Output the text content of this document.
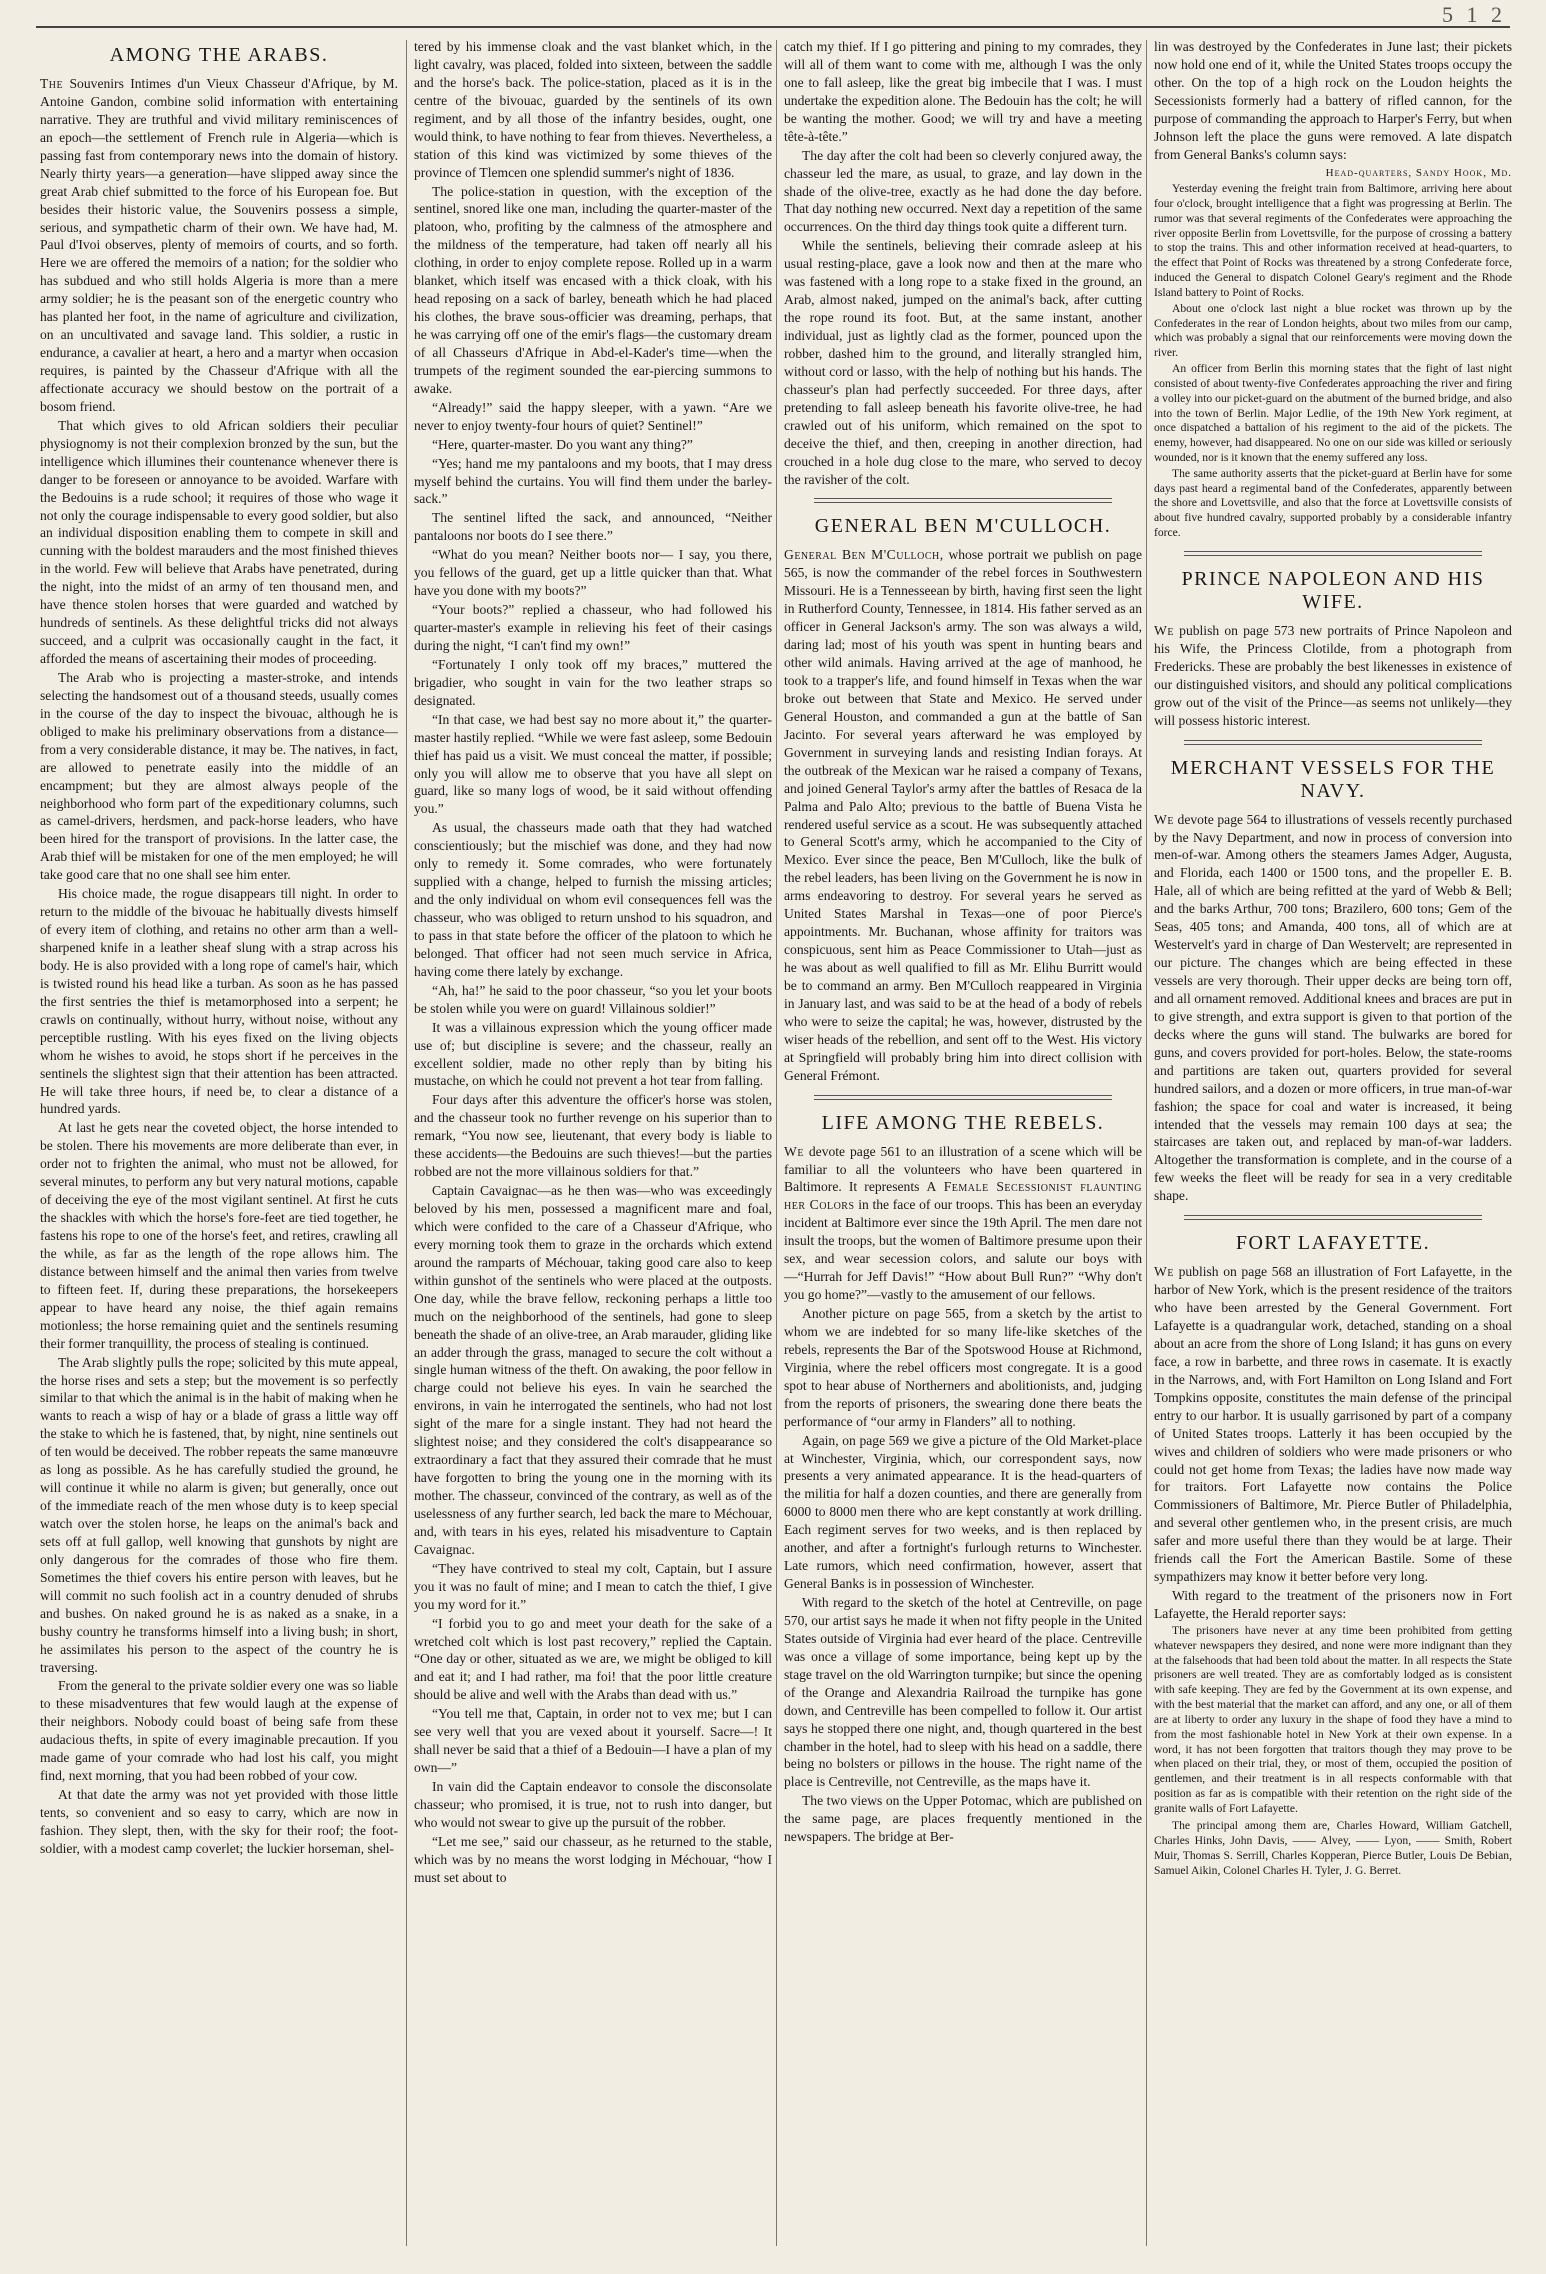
5 1 2
AMONG THE ARABS.

The Souvenirs Intimes d'un Vieux Chasseur d'Afrique, by M. Antoine Gandon, combine solid information with entertaining narrative. They are truthful and vivid military reminiscences of an epoch—the settlement of French rule in Algeria—which is passing fast from contemporary news into the domain of history. Nearly thirty years—a generation—have slipped away since the great Arab chief submitted to the force of his European foe. But besides their historic value, the Souvenirs possess a simple, serious, and sympathetic charm of their own. We have had, M. Paul d'Ivoi observes, plenty of memoirs of courts, and so forth. Here we are offered the memoirs of a nation; for the soldier who has subdued and who still holds Algeria is more than a mere army soldier; he is the peasant son of the energetic country who has planted her foot, in the name of agriculture and civilization, on an uncultivated and savage land. This soldier, a rustic in endurance, a cavalier at heart, a hero and a martyr when occasion requires, is painted by the Chasseur d'Afrique with all the affectionate accuracy we should bestow on the portrait of a bosom friend.

That which gives to old African soldiers their peculiar physiognomy is not their complexion bronzed by the sun, but the intelligence which illumines their countenance whenever there is danger to be foreseen or annoyance to be avoided. Warfare with the Bedouins is a rude school; it requires of those who wage it not only the courage indispensable to every good soldier, but also an individual disposition enabling them to compete in skill and cunning with the boldest marauders and the most finished thieves in the world. Few will believe that Arabs have penetrated, during the night, into the midst of an army of ten thousand men, and have thence stolen horses that were guarded and watched by hundreds of sentinels. As these delightful tricks did not always succeed, and a culprit was occasionally caught in the fact, it afforded the means of ascertaining their modes of proceeding.

The Arab who is projecting a master-stroke, and intends selecting the handsomest out of a thousand steeds, usually comes in the course of the day to inspect the bivouac, although he is obliged to make his preliminary observations from a distance—from a very considerable distance, it may be. The natives, in fact, are allowed to penetrate easily into the middle of an encampment; but they are almost always people of the neighborhood who form part of the expeditionary columns, such as camel-drivers, herdsmen, and pack-horse leaders, who have been hired for the transport of provisions. In the latter case, the Arab thief will be mistaken for one of the men employed; he will take good care that no one shall see him enter.

His choice made, the rogue disappears till night. In order to return to the middle of the bivouac he habitually divests himself of every item of clothing, and retains no other arm than a well-sharpened knife in a leather sheaf slung with a strap across his body. He is also provided with a long rope of camel's hair, which is twisted round his head like a turban. As soon as he has passed the first sentries the thief is metamorphosed into a serpent; he crawls on continually, without hurry, without noise, without any perceptible rustling. With his eyes fixed on the living objects whom he wishes to avoid, he stops short if he perceives in the sentinels the slightest sign that their attention has been attracted. He will take three hours, if need be, to clear a distance of a hundred yards.

At last he gets near the coveted object, the horse intended to be stolen. There his movements are more deliberate than ever, in order not to frighten the animal, who must not be allowed, for several minutes, to perform any but very natural motions, capable of deceiving the eye of the most vigilant sentinel. At first he cuts the shackles with which the horse's fore-feet are tied together, he fastens his rope to one of the horse's feet, and retires, crawling all the while, as far as the length of the rope allows him. The distance between himself and the animal then varies from twelve to fifteen feet. If, during these preparations, the horsekeepers appear to have heard any noise, the thief again remains motionless; the horse remaining quiet and the sentinels resuming their former tranquillity, the process of stealing is continued.

The Arab slightly pulls the rope; solicited by this mute appeal, the horse rises and sets a step; but the movement is so perfectly similar to that which the animal is in the habit of making when he wants to reach a wisp of hay or a blade of grass a little way off the stake to which he is fastened, that, by night, nine sentinels out of ten would be deceived. The robber repeats the same manœuvre as long as possible. As he has carefully studied the ground, he will continue it while no alarm is given; but generally, once out of the immediate reach of the men whose duty is to keep special watch over the stolen horse, he leaps on the animal's back and sets off at full gallop, well knowing that gunshots by night are only dangerous for the comrades of those who fire them. Sometimes the thief covers his entire person with leaves, but he will commit no such foolish act in a country denuded of shrubs and bushes. On naked ground he is as naked as a snake, in a bushy country he transforms himself into a living bush; in short, he assimilates his person to the aspect of the country he is traversing.

From the general to the private soldier every one was so liable to these misadventures that few would laugh at the expense of their neighbors. Nobody could boast of being safe from these audacious thefts, in spite of every imaginable precaution. If you made game of your comrade who had lost his calf, you might find, next morning, that you had been robbed of your cow.

At that date the army was not yet provided with those little tents, so convenient and so easy to carry, which are now in fashion. They slept, then, with the sky for their roof; the foot-soldier, with a modest camp coverlet; the luckier horseman, shel-

tered by his immense cloak and the vast blanket which, in the light cavalry, was placed, folded into sixteen, between the saddle and the horse's back. The police-station, placed as it is in the centre of the bivouac, guarded by the sentinels of its own regiment, and by all those of the infantry besides, ought, one would think, to have nothing to fear from thieves. Nevertheless, a station of this kind was victimized by some thieves of the province of Tlemcen one splendid summer's night of 1836.

The police-station in question, with the exception of the sentinel, snored like one man, including the quarter-master of the platoon, who, profiting by the calmness of the atmosphere and the mildness of the temperature, had taken off nearly all his clothing, in order to enjoy complete repose. Rolled up in a warm blanket, which itself was encased with a thick cloak, with his head reposing on a sack of barley, beneath which he had placed his clothes, the brave sous-officier was dreaming, perhaps, that he was carrying off one of the emir's flags—the customary dream of all Chasseurs d'Afrique in Abd-el-Kader's time—when the trumpets of the regiment sounded the ear-piercing summons to awake.

“Already!” said the happy sleeper, with a yawn. “Are we never to enjoy twenty-four hours of quiet? Sentinel!”

“Here, quarter-master. Do you want any thing?”

“Yes; hand me my pantaloons and my boots, that I may dress myself behind the curtains. You will find them under the barley-sack.”

The sentinel lifted the sack, and announced, “Neither pantaloons nor boots do I see there.”

“What do you mean? Neither boots nor— I say, you there, you fellows of the guard, get up a little quicker than that. What have you done with my boots?”

“Your boots?” replied a chasseur, who had followed his quarter-master's example in relieving his feet of their casings during the night, “I can't find my own!”

“Fortunately I only took off my braces,” muttered the brigadier, who sought in vain for the two leather straps so designated.

“In that case, we had best say no more about it,” the quarter-master hastily replied. “While we were fast asleep, some Bedouin thief has paid us a visit. We must conceal the matter, if possible; only you will allow me to observe that you have all slept on guard, like so many logs of wood, be it said without offending you.”

As usual, the chasseurs made oath that they had watched conscientiously; but the mischief was done, and they had now only to remedy it. Some comrades, who were fortunately supplied with a change, helped to furnish the missing articles; and the only individual on whom evil consequences fell was the chasseur, who was obliged to return unshod to his squadron, and to pass in that state before the officer of the platoon to which he belonged. That officer had not seen much service in Africa, having come there lately by exchange.

“Ah, ha!” he said to the poor chasseur, “so you let your boots be stolen while you were on guard! Villainous soldier!”

It was a villainous expression which the young officer made use of; but discipline is severe; and the chasseur, really an excellent soldier, made no other reply than by biting his mustache, on which he could not prevent a hot tear from falling.

Four days after this adventure the officer's horse was stolen, and the chasseur took no further revenge on his superior than to remark, “You now see, lieutenant, that every body is liable to these accidents—the Bedouins are such thieves!—but the parties robbed are not the more villainous soldiers for that.”

Captain Cavaignac—as he then was—who was exceedingly beloved by his men, possessed a magnificent mare and foal, which were confided to the care of a Chasseur d'Afrique, who every morning took them to graze in the orchards which extend around the ramparts of Méchouar, taking good care also to keep within gunshot of the sentinels who were placed at the outposts. One day, while the brave fellow, reckoning perhaps a little too much on the neighborhood of the sentinels, had gone to sleep beneath the shade of an olive-tree, an Arab marauder, gliding like an adder through the grass, managed to secure the colt without a single human witness of the theft. On awaking, the poor fellow in charge could not believe his eyes. In vain he searched the environs, in vain he interrogated the sentinels, who had not lost sight of the mare for a single instant. They had not heard the slightest noise; and they considered the colt's disappearance so extraordinary a fact that they assured their comrade that he must have forgotten to bring the young one in the morning with its mother. The chasseur, convinced of the contrary, as well as of the uselessness of any further search, led back the mare to Méchouar, and, with tears in his eyes, related his misadventure to Captain Cavaignac.

“They have contrived to steal my colt, Captain, but I assure you it was no fault of mine; and I mean to catch the thief, I give you my word for it.”

“I forbid you to go and meet your death for the sake of a wretched colt which is lost past recovery,” replied the Captain. “One day or other, situated as we are, we might be obliged to kill and eat it; and I had rather, ma foi! that the poor little creature should be alive and well with the Arabs than dead with us.”

“You tell me that, Captain, in order not to vex me; but I can see very well that you are vexed about it yourself. Sacre—! It shall never be said that a thief of a Bedouin—I have a plan of my own—”

In vain did the Captain endeavor to console the disconsolate chasseur; who promised, it is true, not to rush into danger, but who would not swear to give up the pursuit of the robber.

“Let me see,” said our chasseur, as he returned to the stable, which was by no means the worst lodging in Méchouar, “how I must set about to

catch my thief. If I go pittering and pining to my comrades, they will all of them want to come with me, although I was the only one to fall asleep, like the great big imbecile that I was. I must undertake the expedition alone. The Bedouin has the colt; he will be wanting the mother. Good; we will try and have a meeting tête-à-tête.”

The day after the colt had been so cleverly conjured away, the chasseur led the mare, as usual, to graze, and lay down in the shade of the olive-tree, exactly as he had done the day before. That day nothing new occurred. Next day a repetition of the same occurrences. On the third day things took quite a different turn.

While the sentinels, believing their comrade asleep at his usual resting-place, gave a look now and then at the mare who was fastened with a long rope to a stake fixed in the ground, an Arab, almost naked, jumped on the animal's back, after cutting the rope round its foot. But, at the same instant, another individual, just as lightly clad as the former, pounced upon the robber, dashed him to the ground, and literally strangled him, without cord or lasso, with the help of nothing but his hands. The chasseur's plan had perfectly succeeded. For three days, after pretending to fall asleep beneath his favorite olive-tree, he had crawled out of his uniform, which remained on the spot to deceive the thief, and then, creeping in another direction, had crouched in a hole dug close to the mare, who served to decoy the ravisher of the colt.

GENERAL BEN M'CULLOCH.

General Ben M'Culloch, whose portrait we publish on page 565, is now the commander of the rebel forces in Southwestern Missouri. He is a Tennesseean by birth, having first seen the light in Rutherford County, Tennessee, in 1814. His father served as an officer in General Jackson's army. The son was always a wild, daring lad; most of his youth was spent in hunting bears and other wild animals. Having arrived at the age of manhood, he took to a trapper's life, and found himself in Texas when the war broke out between that State and Mexico. He served under General Houston, and commanded a gun at the battle of San Jacinto. For several years afterward he was employed by Government in surveying lands and resisting Indian forays. At the outbreak of the Mexican war he raised a company of Texans, and joined General Taylor's army after the battles of Resaca de la Palma and Palo Alto; previous to the battle of Buena Vista he rendered useful service as a scout. He was subsequently attached to General Scott's army, which he accompanied to the City of Mexico. Ever since the peace, Ben M'Culloch, like the bulk of the rebel leaders, has been living on the Government he is now in arms endeavoring to destroy. For several years he served as United States Marshal in Texas—one of poor Pierce's appointments. Mr. Buchanan, whose affinity for traitors was conspicuous, sent him as Peace Commissioner to Utah—just as he was about as well qualified to fill as Mr. Elihu Burritt would be to command an army. Ben M'Culloch reappeared in Virginia in January last, and was said to be at the head of a body of rebels who were to seize the capital; he was, however, distrusted by the wiser heads of the rebellion, and sent off to the West. His victory at Springfield will probably bring him into direct collision with General Frémont.

LIFE AMONG THE REBELS.

We devote page 561 to an illustration of a scene which will be familiar to all the volunteers who have been quartered in Baltimore. It represents A Female Secessionist flaunting her Colors in the face of our troops. This has been an everyday incident at Baltimore ever since the 19th April. The men dare not insult the troops, but the women of Baltimore presume upon their sex, and wear secession colors, and salute our boys with—“Hurrah for Jeff Davis!” “How about Bull Run?” “Why don't you go home?”—vastly to the amusement of our fellows.

Another picture on page 565, from a sketch by the artist to whom we are indebted for so many life-like sketches of the rebels, represents the Bar of the Spotswood House at Richmond, Virginia, where the rebel officers most congregate. It is a good spot to hear abuse of Northerners and abolitionists, and, judging from the reports of prisoners, the swearing done there beats the performance of “our army in Flanders” all to nothing.

Again, on page 569 we give a picture of the Old Market-place at Winchester, Virginia, which, our correspondent says, now presents a very animated appearance. It is the head-quarters of the militia for half a dozen counties, and there are generally from 6000 to 8000 men there who are kept constantly at work drilling. Each regiment serves for two weeks, and is then replaced by another, and after a fortnight's furlough returns to Winchester. Late rumors, which need confirmation, however, assert that General Banks is in possession of Winchester.

With regard to the sketch of the hotel at Centreville, on page 570, our artist says he made it when not fifty people in the United States outside of Virginia had ever heard of the place. Centreville was once a village of some importance, being kept up by the stage travel on the old Warrington turnpike; but since the opening of the Orange and Alexandria Railroad the turnpike has gone down, and Centreville has been compelled to follow it. Our artist says he stopped there one night, and, though quartered in the best chamber in the hotel, had to sleep with his head on a saddle, there being no bolsters or pillows in the house. The right name of the place is Centreville, not Centreville, as the maps have it.

The two views on the Upper Potomac, which are published on the same page, are places frequently mentioned in the newspapers. The bridge at Ber-

lin was destroyed by the Confederates in June last; their pickets now hold one end of it, while the United States troops occupy the other. On the top of a high rock on the Loudon heights the Secessionists formerly had a battery of rifled cannon, for the purpose of commanding the approach to Harper's Ferry, but when Johnson left the place the guns were removed. A late dispatch from General Banks's column says:

Head-quarters, Sandy Hook, Md.

Yesterday evening the freight train from Baltimore, arriving here about four o'clock, brought intelligence that a fight was progressing at Berlin. The rumor was that several regiments of the Confederates were approaching the river opposite Berlin from Lovettsville, for the purpose of crossing a battery to stop the trains. This and other information received at head-quarters, to the effect that Point of Rocks was threatened by a strong Confederate force, induced the General to dispatch Colonel Geary's regiment and the Rhode Island battery to Point of Rocks.

About one o'clock last night a blue rocket was thrown up by the Confederates in the rear of London heights, about two miles from our camp, which was probably a signal that our reinforcements were moving down the river.

An officer from Berlin this morning states that the fight of last night consisted of about twenty-five Confederates approaching the river and firing a volley into our picket-guard on the abutment of the burned bridge, and also into the town of Berlin. Major Ledlie, of the 19th New York regiment, at once dispatched a battalion of his regiment to the aid of the pickets. The enemy, however, had disappeared. No one on our side was killed or seriously wounded, nor is it known that the enemy suffered any loss.

The same authority asserts that the picket-guard at Berlin have for some days past heard a regimental band of the Confederates, apparently between the shore and Lovettsville, and also that the force at Lovettsville consists of about five hundred cavalry, supported probably by a considerable infantry force.

PRINCE NAPOLEON AND HIS WIFE.

We publish on page 573 new portraits of Prince Napoleon and his Wife, the Princess Clotilde, from a photograph from Fredericks. These are probably the best likenesses in existence of our distinguished visitors, and should any political complications grow out of the visit of the Prince—as seems not unlikely—they will possess historic interest.

MERCHANT VESSELS FOR THE NAVY.

We devote page 564 to illustrations of vessels recently purchased by the Navy Department, and now in process of conversion into men-of-war. Among others the steamers James Adger, Augusta, and Florida, each 1400 or 1500 tons, and the propeller E. B. Hale, all of which are being refitted at the yard of Webb & Bell; and the barks Arthur, 700 tons; Brazilero, 600 tons; Gem of the Seas, 405 tons; and Amanda, 400 tons, all of which are at Westervelt's yard in charge of Dan Westervelt; are represented in our picture. The changes which are being effected in these vessels are very thorough. Their upper decks are being torn off, and all ornament removed. Additional knees and braces are put in to give strength, and extra support is given to that portion of the decks where the guns will stand. The bulwarks are bored for guns, and covers provided for port-holes. Below, the state-rooms and partitions are taken out, quarters provided for several hundred sailors, and a dozen or more officers, in true man-of-war fashion; the space for coal and water is increased, it being intended that the vessels may remain 100 days at sea; the staircases are taken out, and replaced by man-of-war ladders. Altogether the transformation is complete, and in the course of a few weeks the fleet will be ready for sea in a very creditable shape.

FORT LAFAYETTE.

We publish on page 568 an illustration of Fort Lafayette, in the harbor of New York, which is the present residence of the traitors who have been arrested by the General Government. Fort Lafayette is a quadrangular work, detached, standing on a shoal about an acre from the shore of Long Island; it has guns on every face, a row in barbette, and three rows in casemate. It is exactly in the Narrows, and, with Fort Hamilton on Long Island and Fort Tompkins opposite, constitutes the main defense of the principal entry to our harbor. It is usually garrisoned by part of a company of United States troops. Latterly it has been occupied by the wives and children of soldiers who were made prisoners or who could not get home from Texas; the ladies have now made way for traitors. Fort Lafayette now contains the Police Commissioners of Baltimore, Mr. Pierce Butler of Philadelphia, and several other gentlemen who, in the present crisis, are much safer and more useful there than they would be at large. Their friends call the Fort the American Bastile. Some of these sympathizers may know it better before very long.

With regard to the treatment of the prisoners now in Fort Lafayette, the Herald reporter says:

The prisoners have never at any time been prohibited from getting whatever newspapers they desired, and none were more indignant than they at the falsehoods that had been told about the matter. In all respects the State prisoners are well treated. They are as comfortably lodged as is consistent with safe keeping. They are fed by the Government at its own expense, and with the best material that the market can afford, and any one, or all of them are at liberty to order any luxury in the shape of food they have a mind to from the most fashionable hotel in New York at their own expense. In a word, it has not been forgotten that traitors though they may prove to be when placed on their trial, they, or most of them, occupied the position of gentlemen, and their treatment is in all respects conformable with that position as far as is compatible with their retention on the right side of the granite walls of Fort Lafayette.

The principal among them are, Charles Howard, William Gatchell, Charles Hinks, John Davis, —— Alvey, —— Lyon, —— Smith, Robert Muir, Thomas S. Serrill, Charles Kopperan, Pierce Butler, Louis De Bebian, Samuel Aikin, Colonel Charles H. Tyler, J. G. Berret.
